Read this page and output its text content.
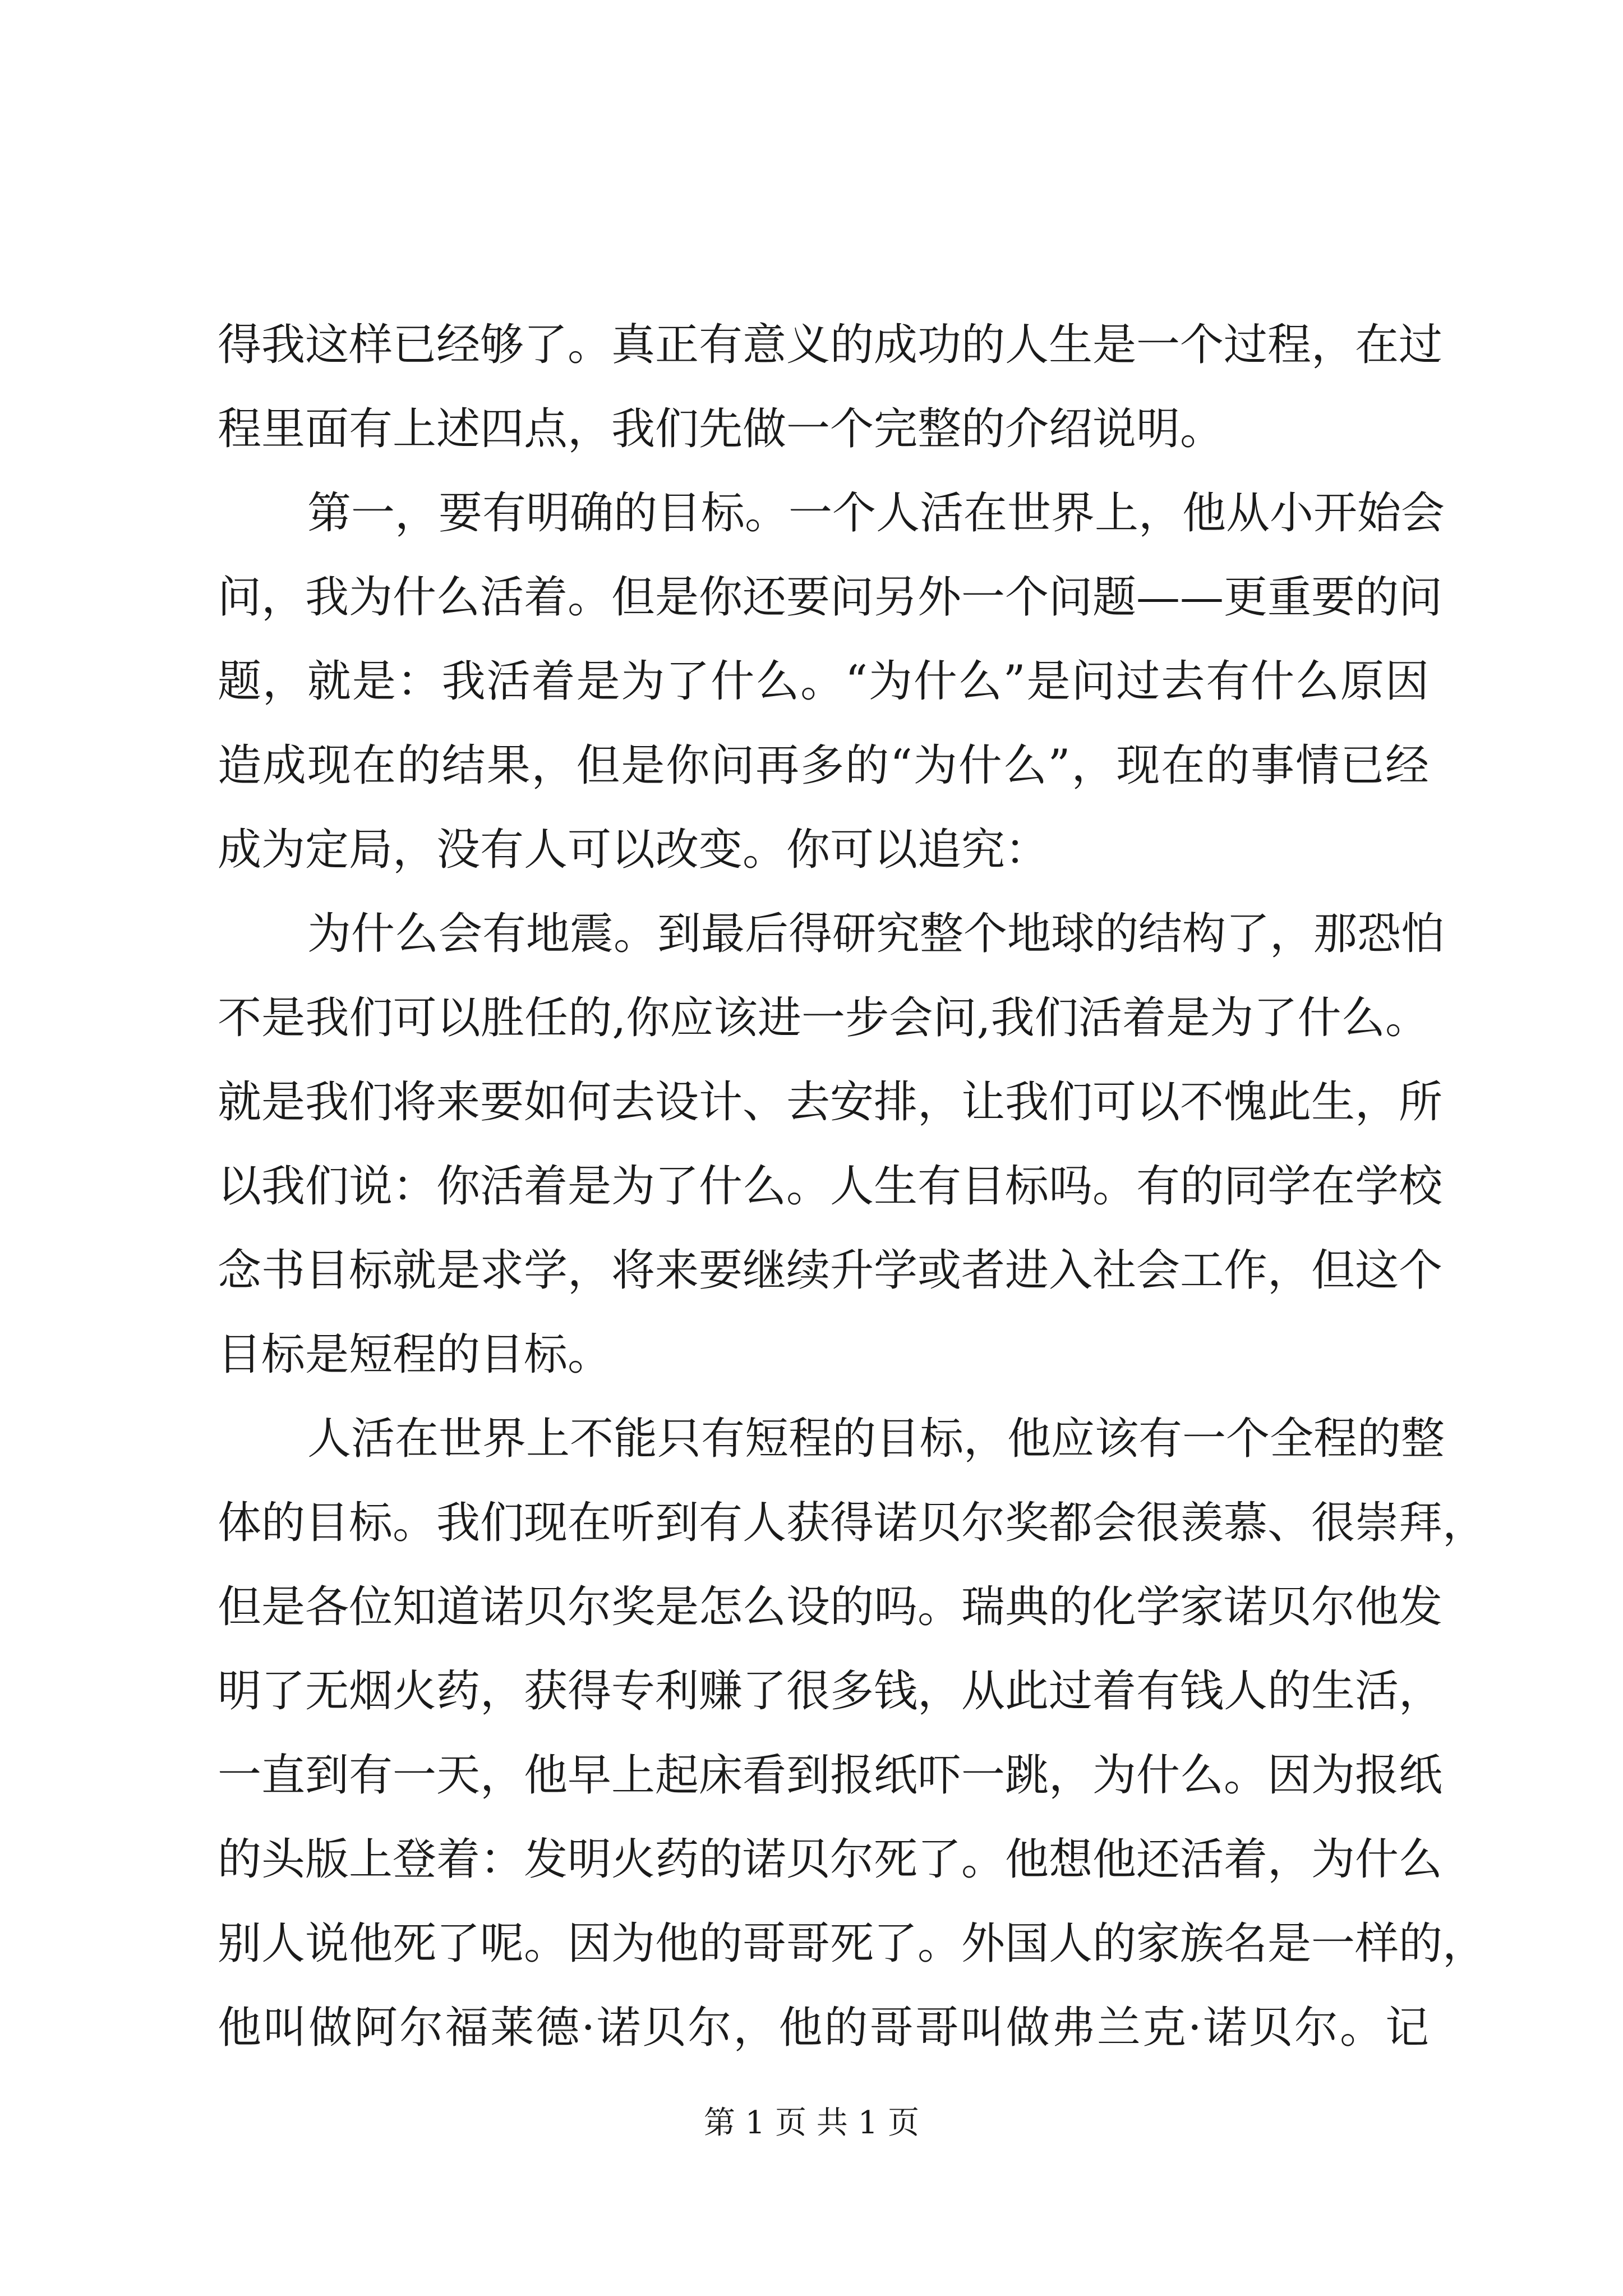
得我这样已经够了。真正有意义的成功的人生是一个过程，在过
程里面有上述四点，我们先做一个完整的介绍说明。
第一，要有明确的目标。一个人活在世界上，他从小开始会
问，我为什么活着。但是你还要问另外一个问题——更重要的问
题，就是：我活着是为了什么。“为什么”是问过去有什么原因
造成现在的结果，但是你问再多的“为什么”，现在的事情已经
成为定局，没有人可以改变。你可以追究：
为什么会有地震。到最后得研究整个地球的结构了，那恐怕
不是我们可以胜任的,你应该进一步会问,我们活着是为了什么。
就是我们将来要如何去设计、去安排，让我们可以不愧此生，所
以我们说：你活着是为了什么。人生有目标吗。有的同学在学校
念书目标就是求学，将来要继续升学或者进入社会工作，但这个
目标是短程的目标。
人活在世界上不能只有短程的目标，他应该有一个全程的整
体的目标。我们现在听到有人获得诺贝尔奖都会很羡慕、很崇拜，
但是各位知道诺贝尔奖是怎么设的吗。瑞典的化学家诺贝尔他发
明了无烟火药，获得专利赚了很多钱，从此过着有钱人的生活，
一直到有一天，他早上起床看到报纸吓一跳，为什么。因为报纸
的头版上登着：发明火药的诺贝尔死了。他想他还活着，为什么
别人说他死了呢。因为他的哥哥死了。外国人的家族名是一样的，
他叫做阿尔福莱德·诺贝尔，他的哥哥叫做弗兰克·诺贝尔。记
第 1 页 共 1 页
